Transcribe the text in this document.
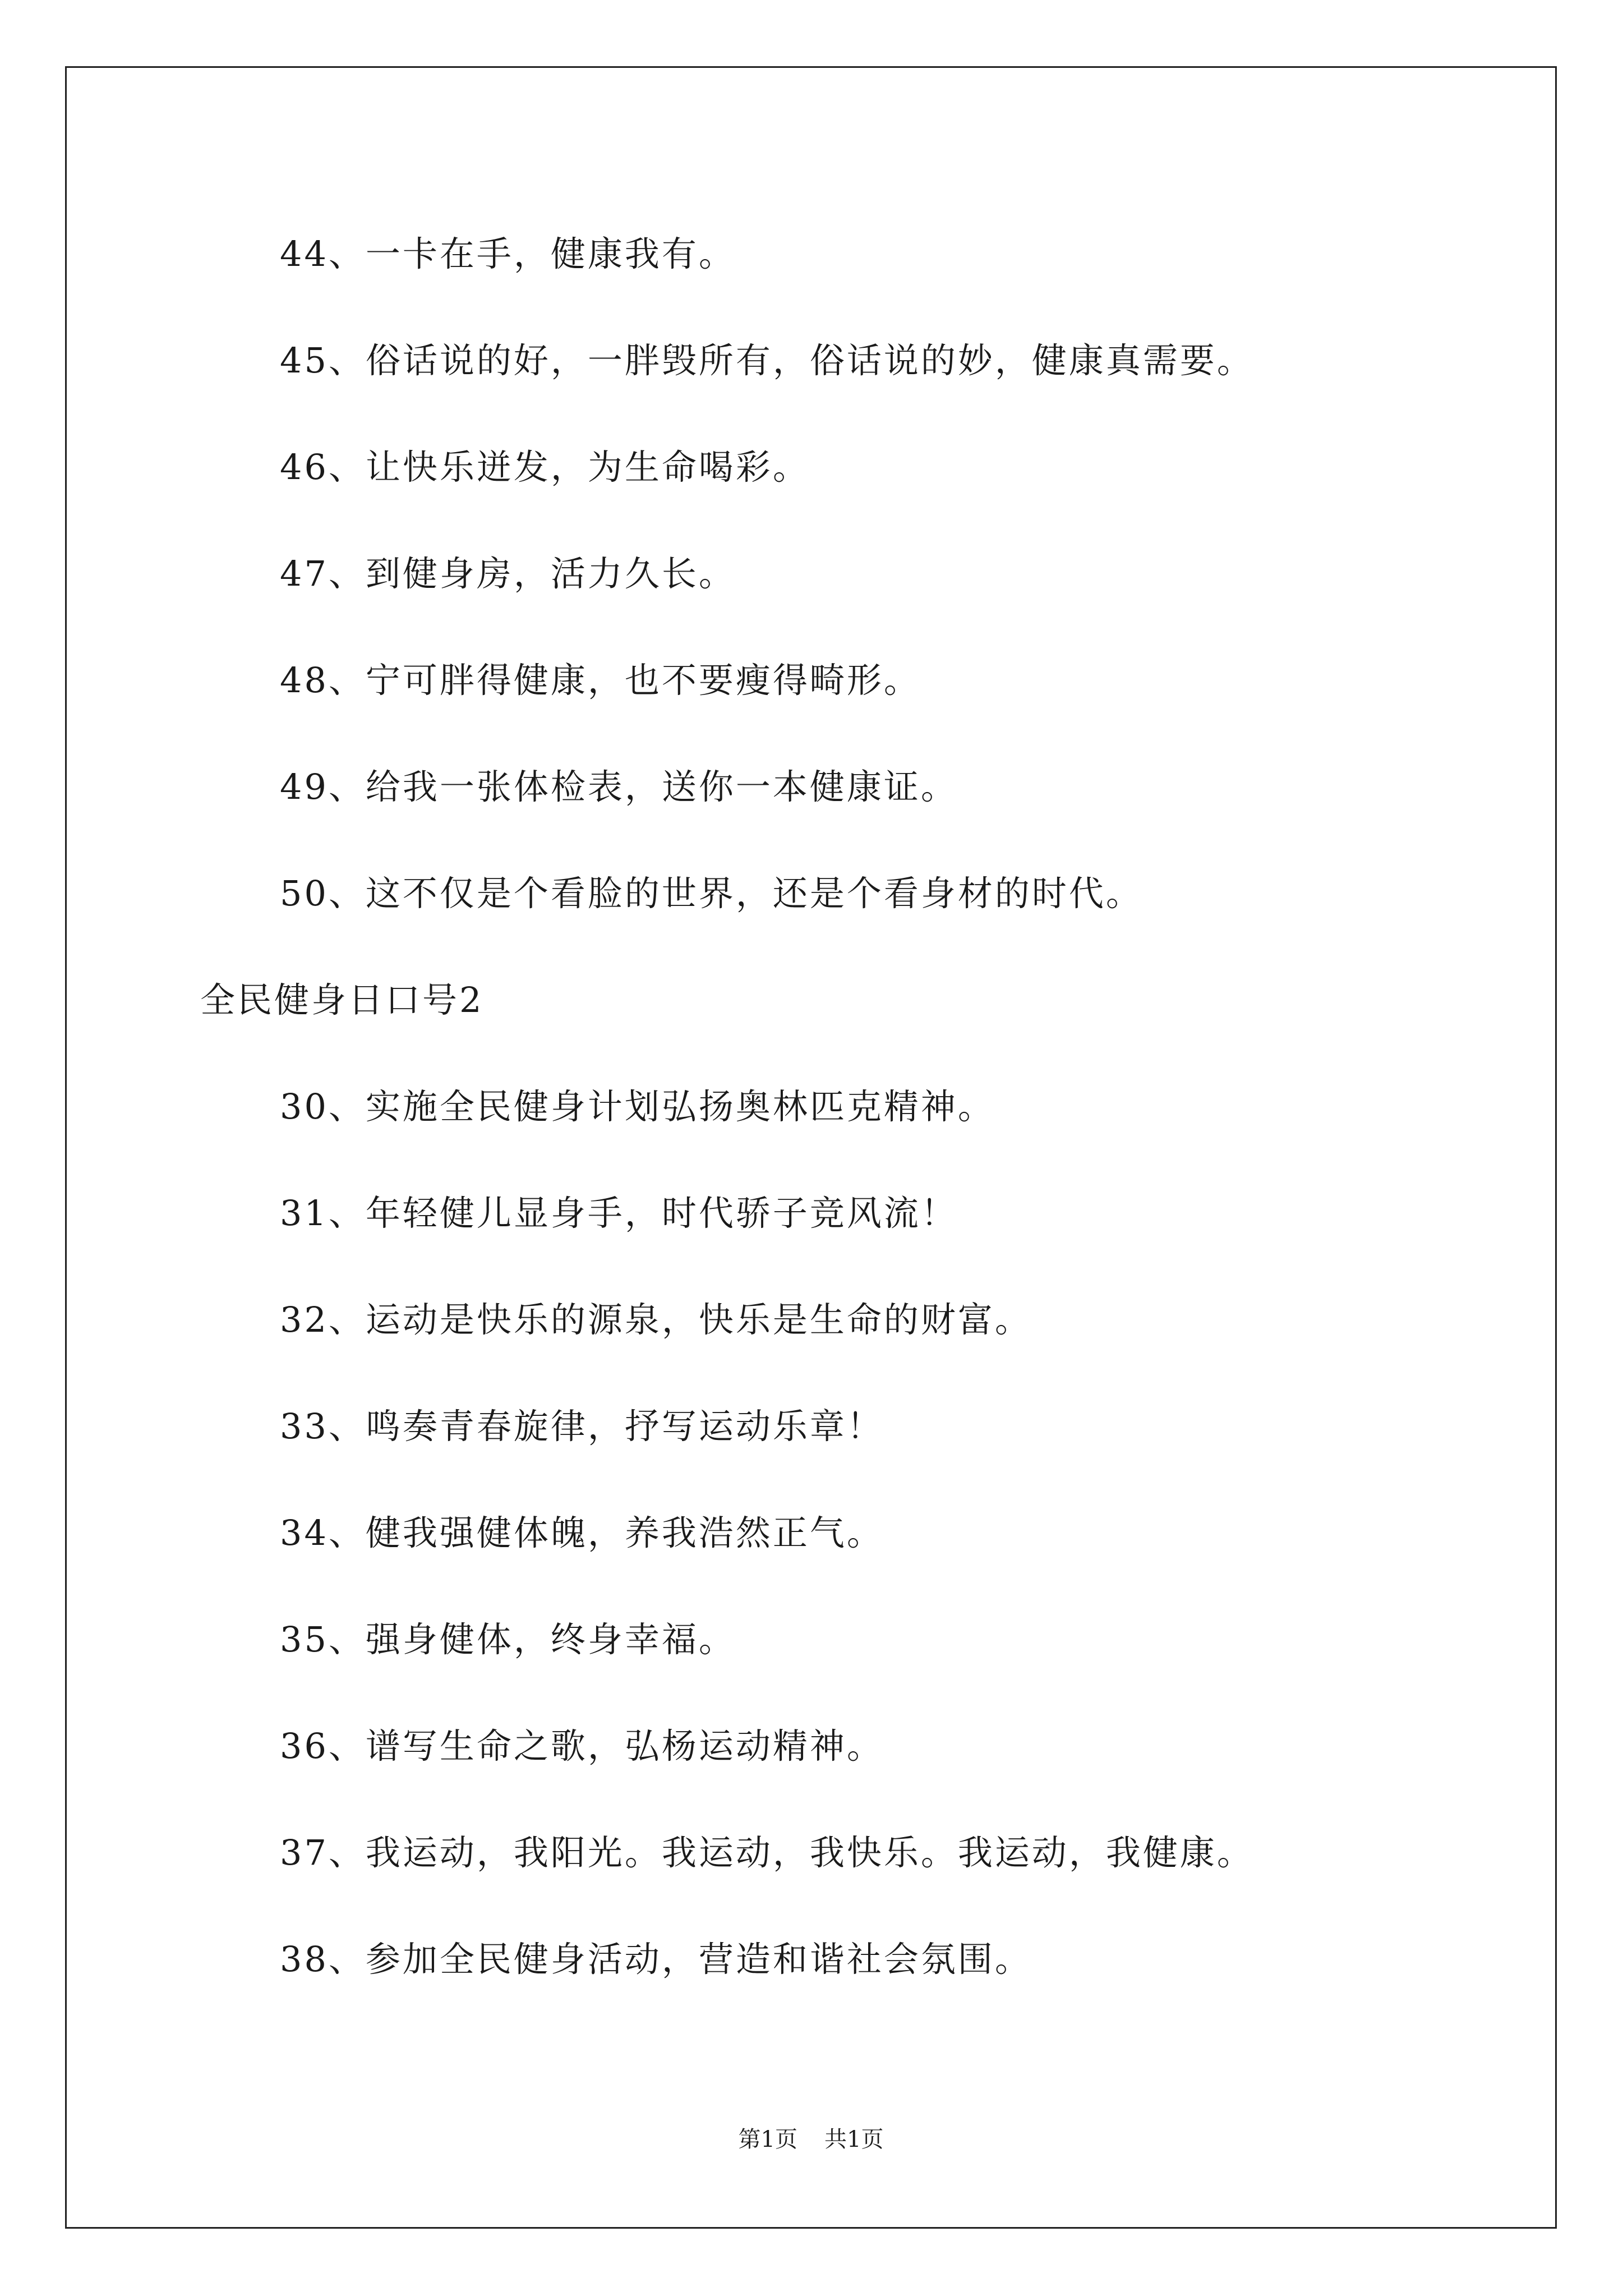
44、一卡在手，健康我有。
45、俗话说的好，一胖毁所有，俗话说的妙，健康真需要。
46、让快乐迸发，为生命喝彩。
47、到健身房，活力久长。
48、宁可胖得健康，也不要瘦得畸形。
49、给我一张体检表，送你一本健康证。
50、这不仅是个看脸的世界，还是个看身材的时代。
全民健身日口号2
30、实施全民健身计划弘扬奥林匹克精神。
31、年轻健儿显身手，时代骄子竞风流！
32、运动是快乐的源泉，快乐是生命的财富。
33、鸣奏青春旋律，抒写运动乐章！
34、健我强健体魄，养我浩然正气。
35、强身健体，终身幸福。
36、谱写生命之歌，弘杨运动精神。
37、我运动，我阳光。我运动，我快乐。我运动，我健康。
38、参加全民健身活动，营造和谐社会氛围。
第1页 共1页
